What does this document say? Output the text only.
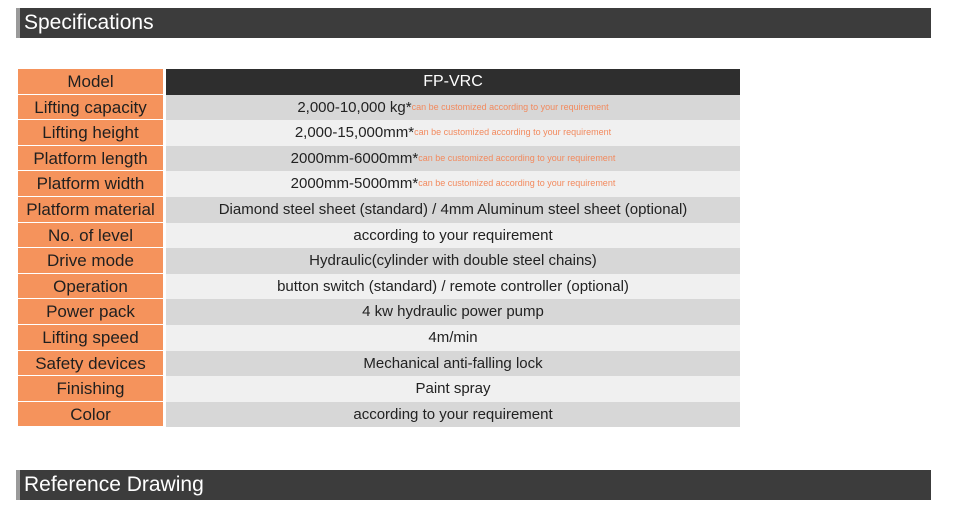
Specifications
Model	FP-VRC
Lifting capacity	2,000-10,000 kg*can be customized according to your requirement
Lifting height	2,000-15,000mm*can be customized according to your requirement
Platform length	2000mm-6000mm*can be customized according to your requirement
Platform width	2000mm-5000mm*can be customized according to your requirement
Platform material	Diamond steel sheet (standard) / 4mm Aluminum steel sheet (optional)
No. of level	according to your requirement
Drive mode	Hydraulic(cylinder with double steel chains)
Operation	button switch (standard) / remote controller (optional)
Power pack	4 kw hydraulic power pump
Lifting speed	4m/min
Safety devices	Mechanical anti-falling lock
Finishing	Paint spray
Color	according to your requirement
Reference Drawing
